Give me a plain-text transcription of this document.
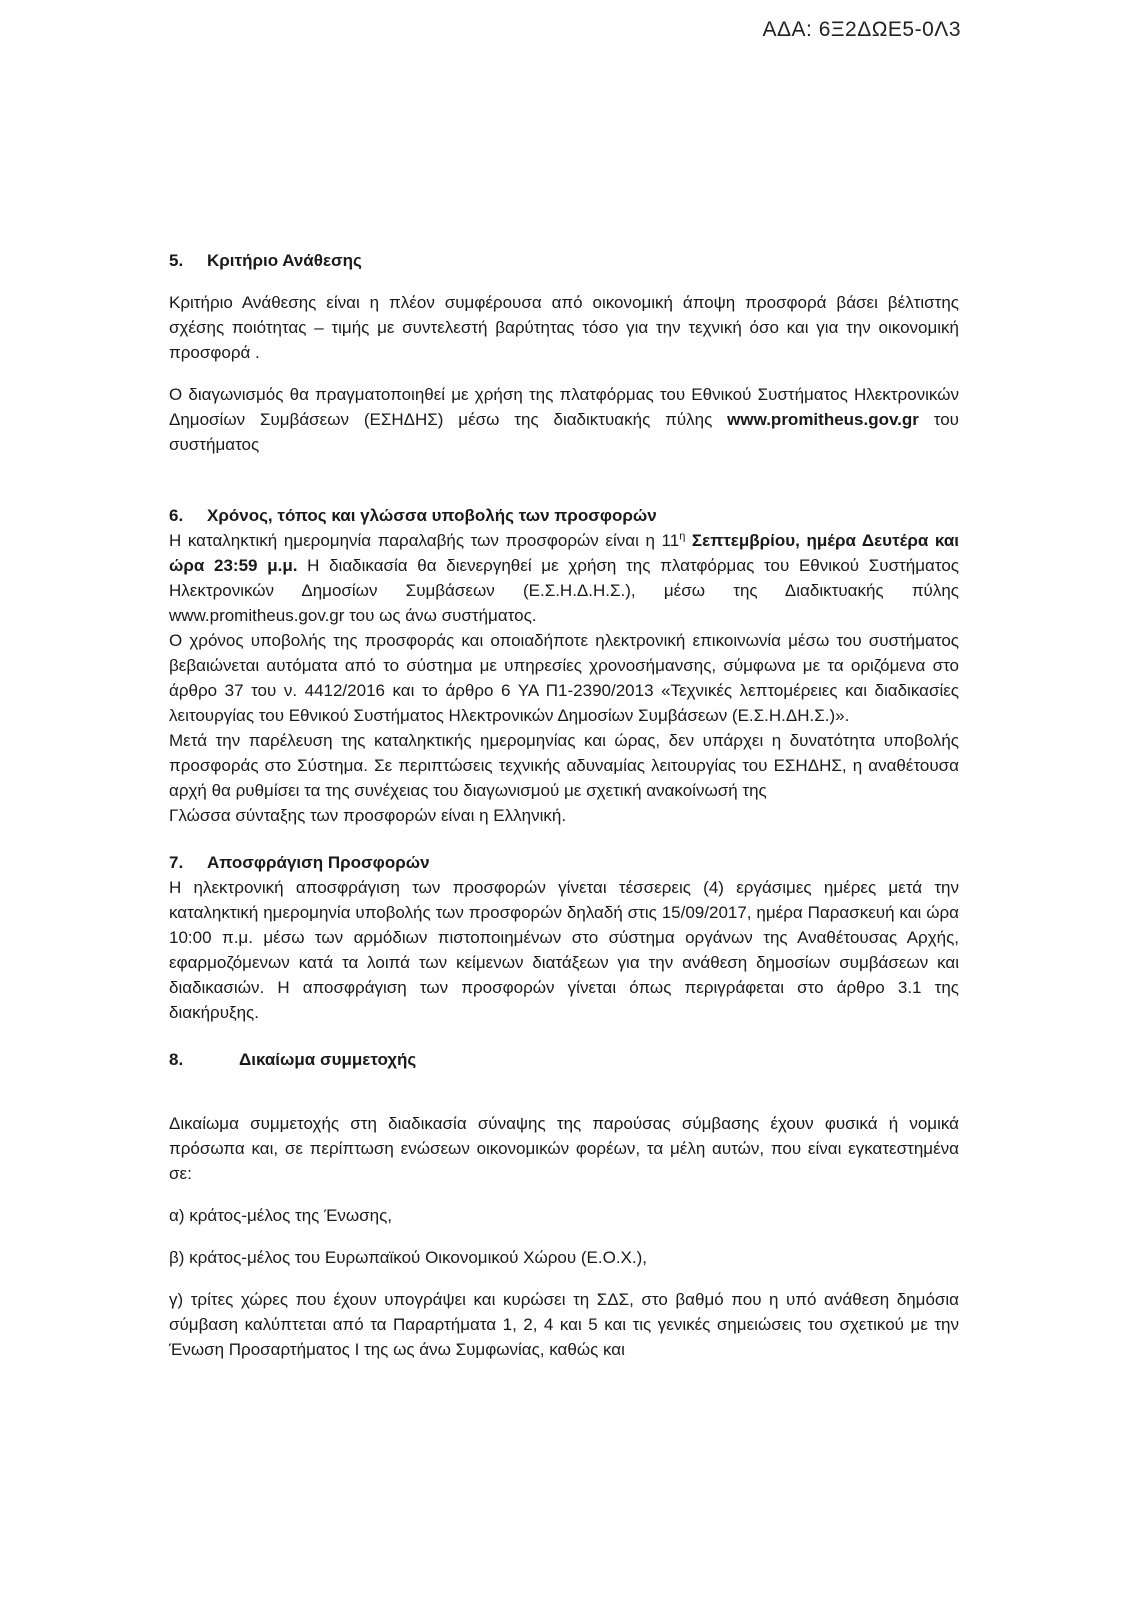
ΑΔΑ: 6Ξ2ΔΩΕ5-0Λ3
5.	Κριτήριο Ανάθεσης

Κριτήριο Ανάθεσης είναι η πλέον συμφέρουσα από οικονομική άποψη προσφορά βάσει βέλτιστης σχέσης ποιότητας – τιμής με συντελεστή βαρύτητας τόσο για την τεχνική όσο και για την οικονομική προσφορά .

Ο διαγωνισμός θα πραγματοποιηθεί με χρήση της πλατφόρμας του Εθνικού Συστήματος Ηλεκτρονικών Δημοσίων Συμβάσεων (ΕΣΗΔΗΣ) μέσω της διαδικτυακής πύλης www.promitheus.gov.gr του συστήματος

6.	Χρόνος, τόπος και γλώσσα υποβολής των προσφορών

Η καταληκτική ημερομηνία παραλαβής των προσφορών είναι η $11^\eta$ Σεπτεμβρίου, ημέρα Δευτέρα και ώρα 23:59 μ.μ. Η διαδικασία θα διενεργηθεί με χρήση της πλατφόρμας του Εθνικού Συστήματος Ηλεκτρονικών Δημοσίων Συμβάσεων (Ε.Σ.Η.Δ.Η.Σ.), μέσω της Διαδικτυακής πύλης www.promitheus.gov.gr του ως άνω συστήματος.

Ο χρόνος υποβολής της προσφοράς και οποιαδήποτε ηλεκτρονική επικοινωνία μέσω του συστήματος βεβαιώνεται αυτόματα από το σύστημα με υπηρεσίες χρονοσήμανσης, σύμφωνα με τα οριζόμενα στο άρθρο 37 του ν. 4412/2016 και το άρθρο 6 ΥΑ Π1-2390/2013 «Τεχνικές λεπτομέρειες και διαδικασίες λειτουργίας του Εθνικού Συστήματος Ηλεκτρονικών Δημοσίων Συμβάσεων (Ε.Σ.Η.ΔΗ.Σ.)».

Μετά την παρέλευση της καταληκτικής ημερομηνίας και ώρας, δεν υπάρχει η δυνατότητα υποβολής προσφοράς στο Σύστημα. Σε περιπτώσεις τεχνικής αδυναμίας λειτουργίας του ΕΣΗΔΗΣ, η αναθέτουσα αρχή θα ρυθμίσει τα της συνέχειας του διαγωνισμού με σχετική ανακοίνωσή της

Γλώσσα σύνταξης των προσφορών είναι η Ελληνική.

7.	Αποσφράγιση Προσφορών

Η ηλεκτρονική αποσφράγιση των προσφορών γίνεται τέσσερεις (4) εργάσιμες ημέρες μετά την καταληκτική ημερομηνία υποβολής των προσφορών δηλαδή στις 15/09/2017, ημέρα Παρασκευή και ώρα 10:00 π.μ. μέσω των αρμόδιων πιστοποιημένων στο σύστημα οργάνων της Αναθέτουσας Αρχής, εφαρμοζόμενων κατά τα λοιπά των κείμενων διατάξεων για την ανάθεση δημοσίων συμβάσεων και διαδικασιών. Η αποσφράγιση των προσφορών γίνεται όπως περιγράφεται στο άρθρο 3.1 της διακήρυξης.

8.	Δικαίωμα συμμετοχής

Δικαίωμα συμμετοχής στη διαδικασία σύναψης της παρούσας σύμβασης έχουν φυσικά ή νομικά πρόσωπα και, σε περίπτωση ενώσεων οικονομικών φορέων, τα μέλη αυτών, που είναι εγκατεστημένα σε:

α) κράτος-μέλος της Ένωσης,

β) κράτος-μέλος του Ευρωπαϊκού Οικονομικού Χώρου (Ε.Ο.Χ.),

γ) τρίτες χώρες που έχουν υπογράψει και κυρώσει τη ΣΔΣ, στο βαθμό που η υπό ανάθεση δημόσια σύμβαση καλύπτεται από τα Παραρτήματα 1, 2, 4 και 5 και τις γενικές σημειώσεις του σχετικού με την Ένωση Προσαρτήματος Ι της ως άνω Συμφωνίας, καθώς και
